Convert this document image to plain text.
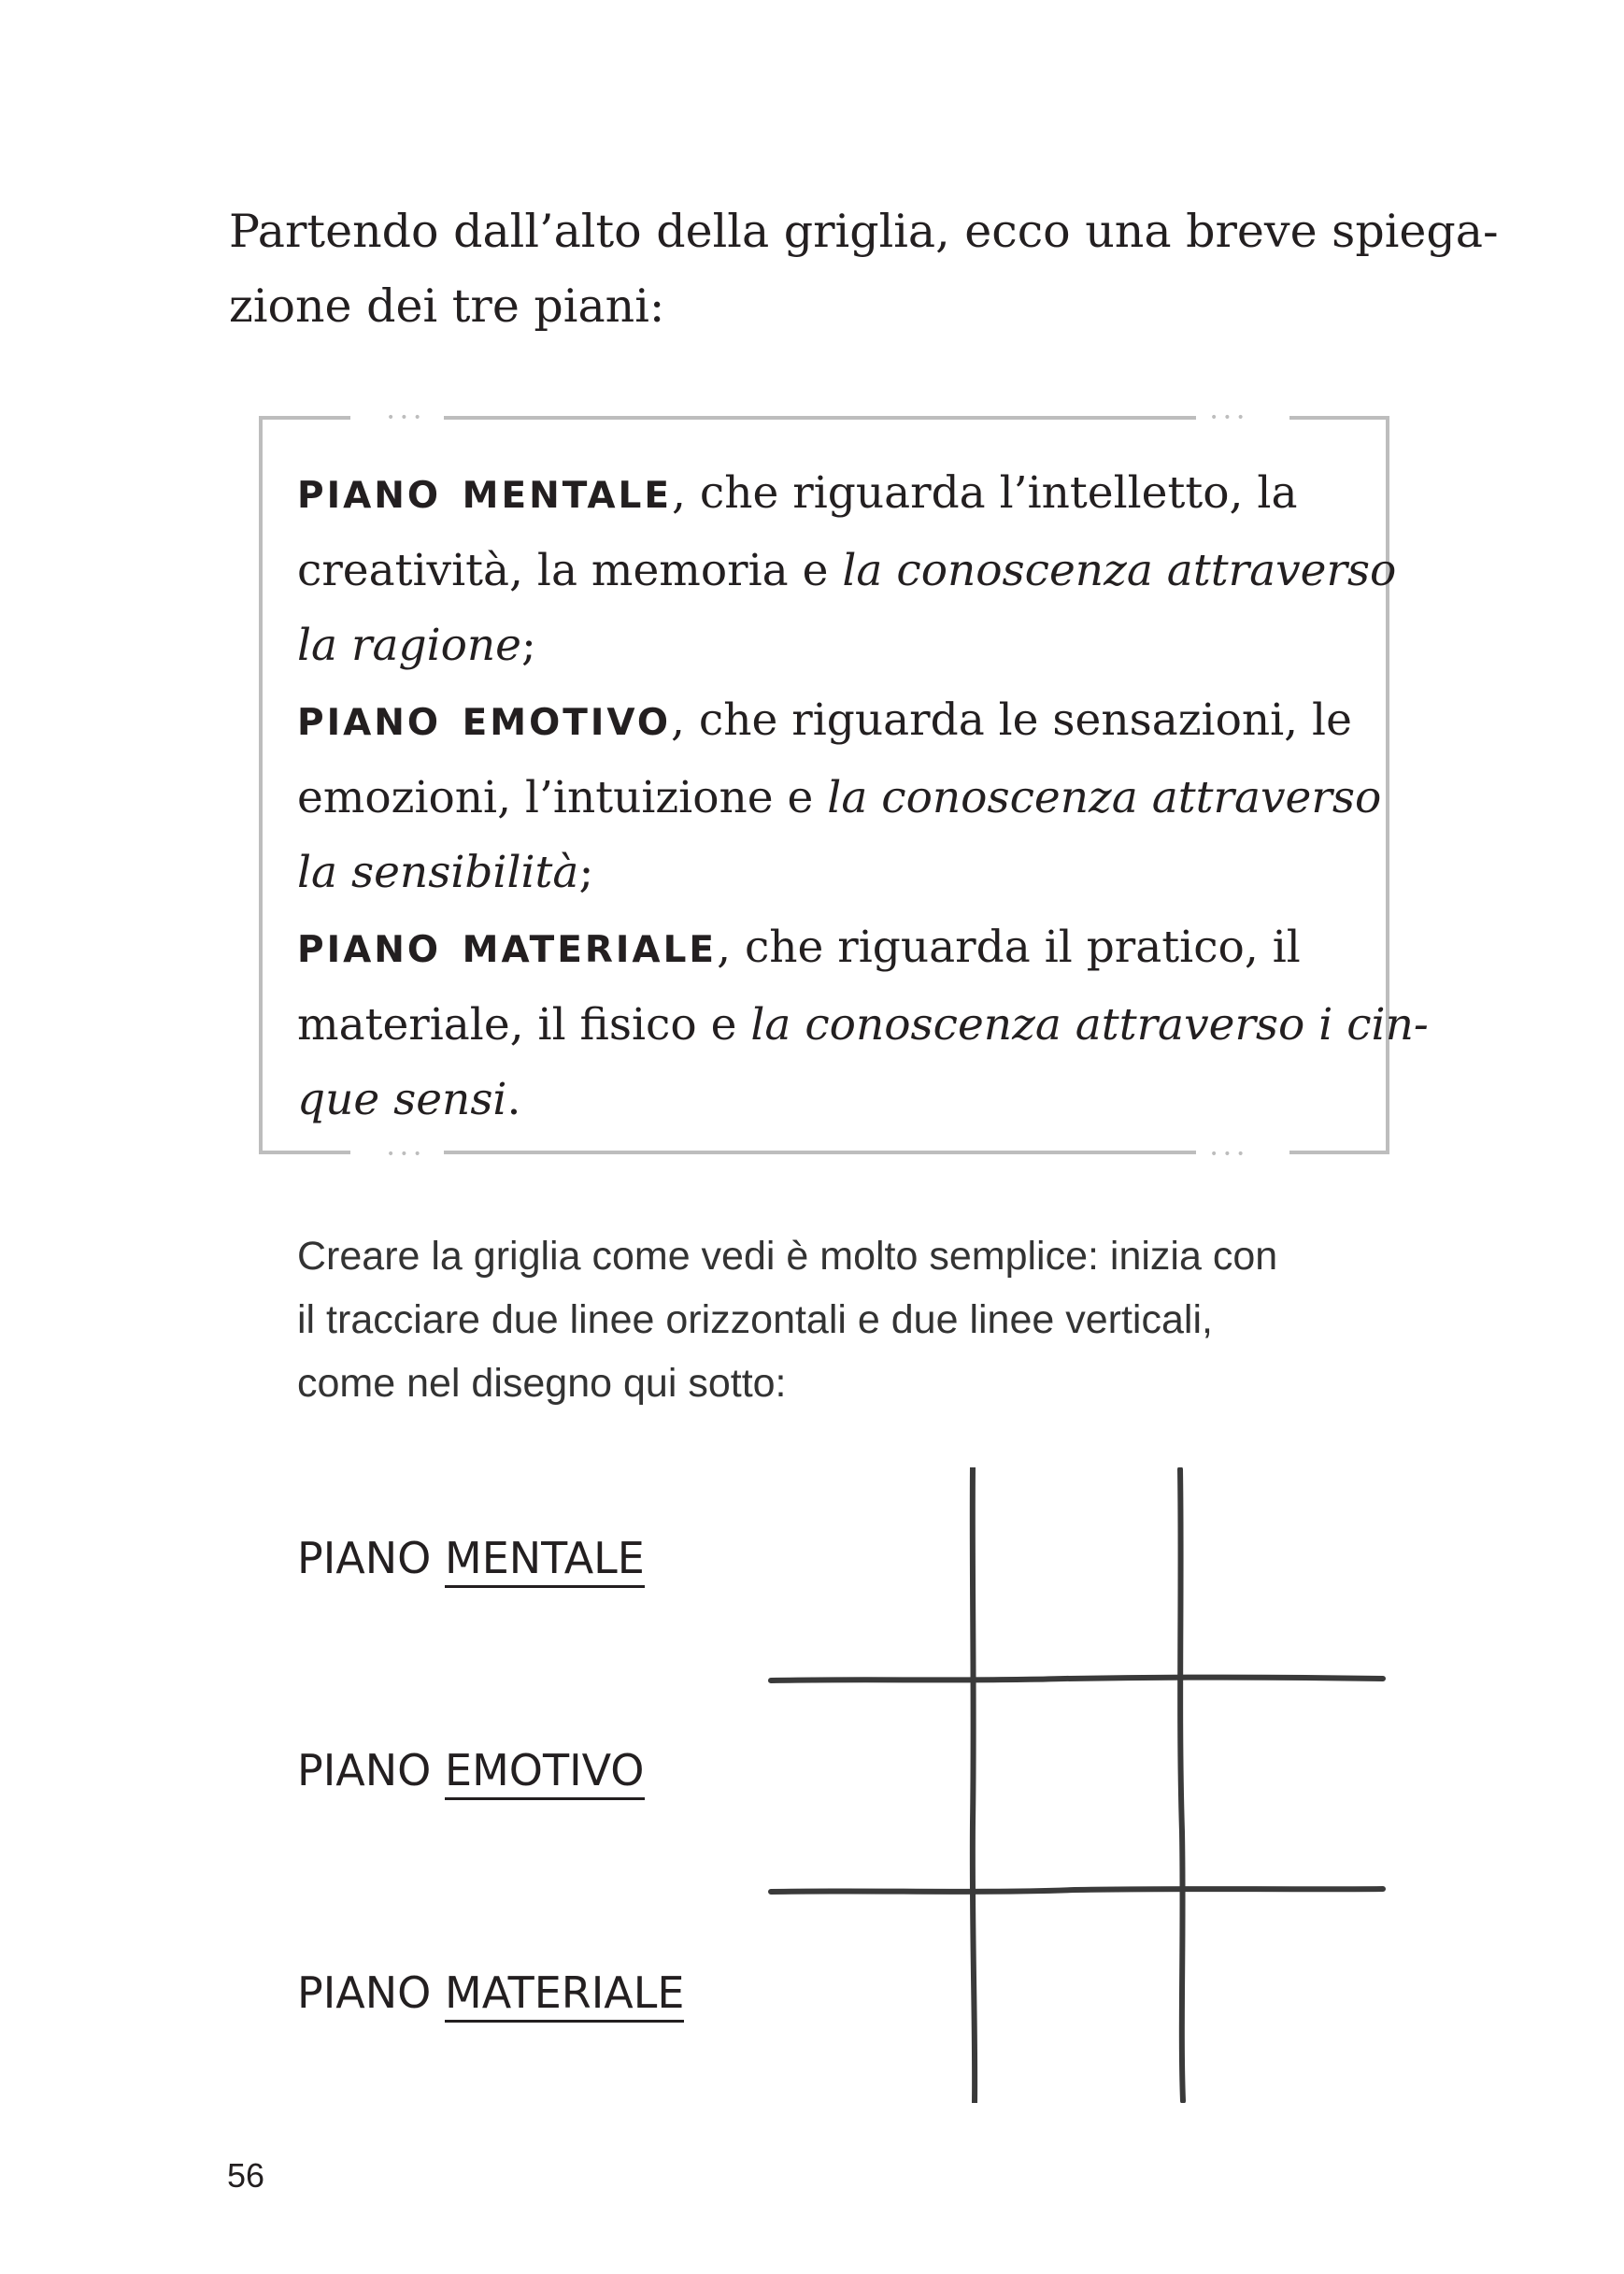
Partendo dall’alto della griglia, ecco una breve spiega-
zione dei tre piani:

•••	•••
•••	•••

PIANO MENTALE, che riguarda l’intelletto, la
creatività, la memoria e la conoscenza attraverso
la ragione;
PIANO EMOTIVO, che riguarda le sensazioni, le
emozioni, l’intuizione e la conoscenza attraverso
la sensibilità;
PIANO MATERIALE, che riguarda il pratico, il
materiale, il fisico e la conoscenza attraverso i cin-
que sensi.

Creare la griglia come vedi è molto semplice: inizia con
il tracciare due linee orizzontali e due linee verticali,
come nel disegno qui sotto:

PIANO MENTALE
PIANO EMOTIVO
PIANO MATERIALE
56
